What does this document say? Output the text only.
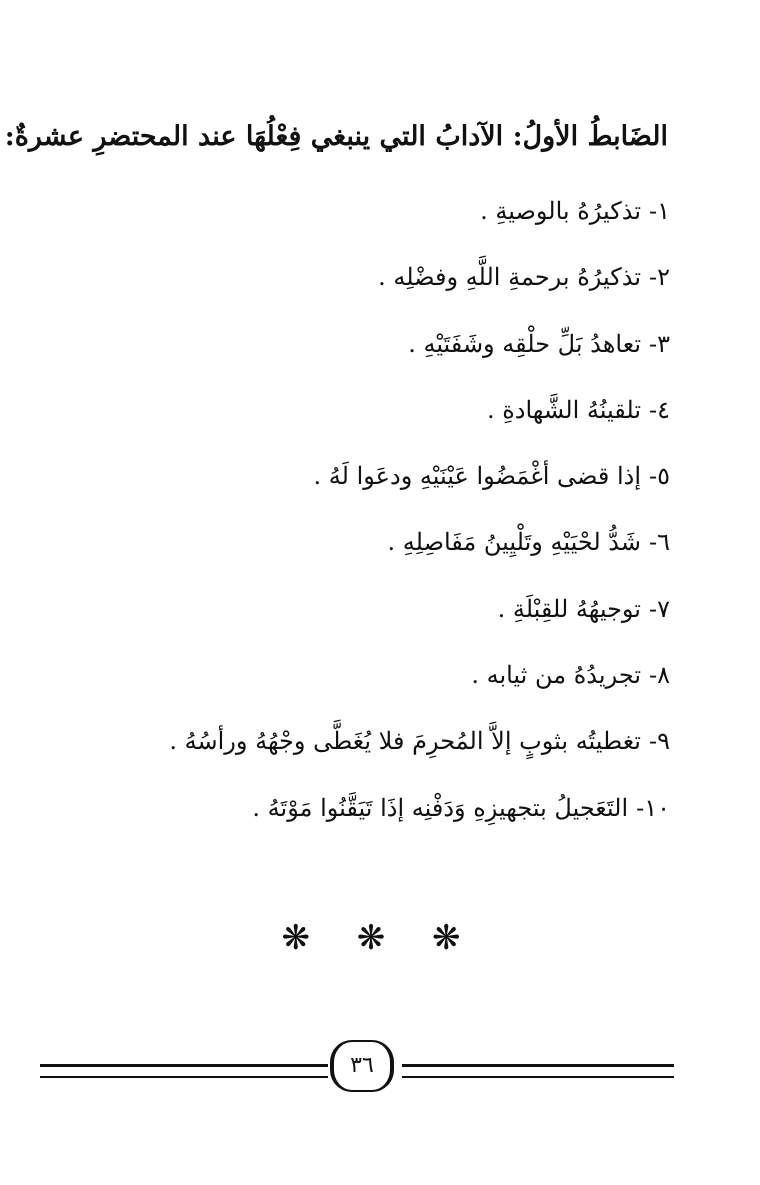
الضَابطُ الأولُ: الآدابُ التي ينبغي فِعْلُهَا عند المحتضرِ عشرةٌ:
١-تذكيرُهُ بالوصيةِ .
٢-تذكيرُهُ برحمةِ اللَّهِ وفضْلِه .
٣-تعاهدُ بَلِّ حلْقِه وشَفَتَيْهِ .
٤-تلقينُهُ الشَّهادةِ .
٥-إذا قضى أغْمَضُوا عَيْنَيْهِ ودعَوا لَهُ .
٦-شَدُّ لحْيَيْهِ وتَلْيِينُ مَفَاصِلِهِ .
٧-توجيهُهُ للقِبْلَةِ .
٨-تجريدُهُ من ثيابه .
٩-تغطيتُه بثوبٍ إلاَّ المُحرِمَ فلا يُغَطَّى وجْهُهُ ورأسُهُ .
١٠-التَعَجيلُ بتجهيزِهِ وَدَفْنِه إذَا تَيَقَّنُوا مَوْتَهُ .
❋ ❋ ❋
٣٦
